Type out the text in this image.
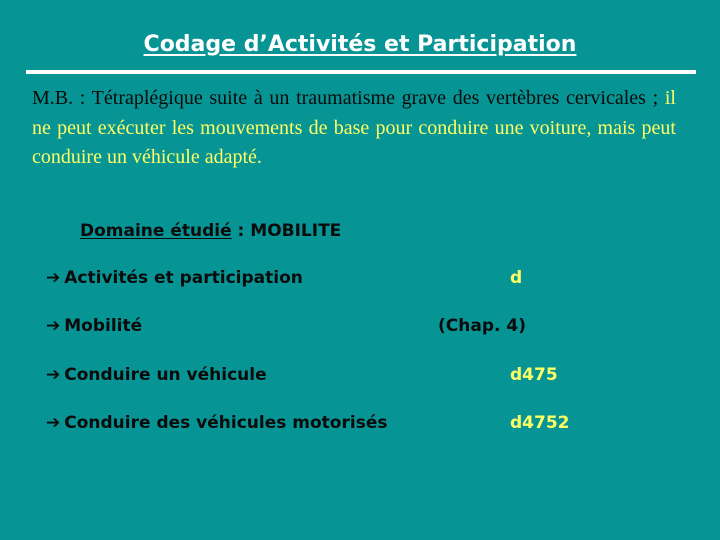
Codage d’Activités et Participation
M.B. : Tétraplégique suite à un traumatisme grave des vertèbres cervicales ; il ne peut exécuter les mouvements de base pour conduire une voiture, mais peut conduire un véhicule adapté.
Domaine étudié : MOBILITE
➔ Activités et participation	d
➔ Mobilité	(Chap. 4)
➔ Conduire un véhicule	d475
➔ Conduire des véhicules motorisés	d4752
